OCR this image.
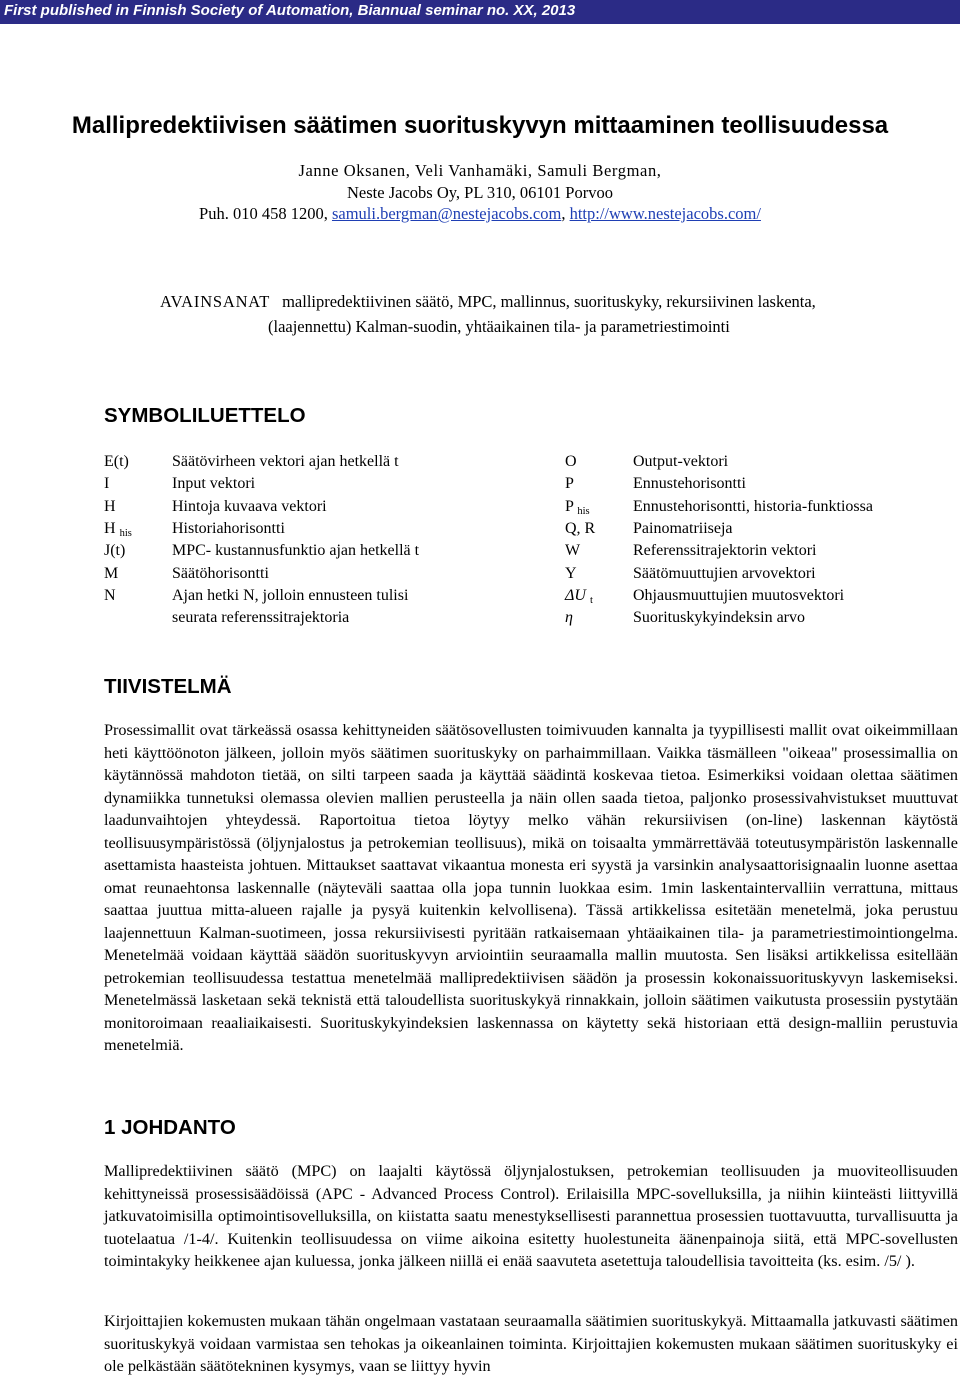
First published in Finnish Society of Automation, Biannual seminar no. XX, 2013
Mallipredektiivisen säätimen suorituskyvyn mittaaminen teollisuudessa
Janne Oksanen, Veli Vanhamäki, Samuli Bergman,
Neste Jacobs Oy, PL 310, 06101 Porvoo
Puh. 010 458 1200, samuli.bergman@nestejacobs.com, http://www.nestejacobs.com/
AVAINSANAT mallipredektiivinen säätö, MPC, mallinnus, suorituskyky, rekursiivinen laskenta,
(laajennettu) Kalman-suodin, yhtäaikainen tila- ja parametriestimointi
SYMBOLILUETTELO
E(t)	Säätövirheen vektori ajan hetkellä t
I	Input vektori
H	Hintoja kuvaava vektori
H $_{his}$	Historiahorisontti
J(t)	MPC- kustannusfunktio ajan hetkellä t
M	Säätöhorisontti
N	Ajan hetki N, jolloin ennusteen tulisi
seurata referenssitrajektoria
O	Output-vektori
P	Ennustehorisontti
P $_{his}$	Ennustehorisontti, historia-funktiossa
Q, R Painomatriiseja
W	Referenssitrajektorin vektori
Y	Säätömuuttujien arvovektori
ΔU $_t$	Ohjausmuuttujien muutosvektori
η	Suorituskykyindeksin arvo
TIIVISTELMÄ

Prosessimallit ovat tärkeässä osassa kehittyneiden säätösovellusten toimivuuden kannalta ja tyypillisesti mallit ovat oikeimmillaan heti käyttöönoton jälkeen, jolloin myös säätimen suorituskyky on parhaimmillaan. Vaikka täsmälleen "oikeaa" prosessimallia on käytännössä mahdoton tietää, on silti tarpeen saada ja käyttää säädintä koskevaa tietoa. Esimerkiksi voidaan olettaa säätimen dynamiikka tunnetuksi olemassa olevien mallien perusteella ja näin ollen saada tietoa, paljonko prosessivahvistukset muuttuvat laadunvaihtojen yhteydessä. Raportoitua tietoa löytyy melko vähän rekursiivisen (on-line) laskennan käytöstä teollisuusympäristössä (öljynjalostus ja petrokemian teollisuus), mikä on toisaalta ymmärrettävää toteutusympäristön laskennalle asettamista haasteista johtuen. Mittaukset saattavat vikaantua monesta eri syystä ja varsinkin analysaattorisignaalin luonne asettaa omat reunaehtonsa laskennalle (näyteväli saattaa olla jopa tunnin luokkaa esim. 1min laskentaintervalliin verrattuna, mittaus saattaa juuttua mitta-alueen rajalle ja pysyä kuitenkin kelvollisena). Tässä artikkelissa esitetään menetelmä, joka perustuu laajennettuun Kalman-suotimeen, jossa rekursiivisesti pyritään ratkaisemaan yhtäaikainen tila- ja parametriestimointiongelma. Menetelmää voidaan käyttää säädön suorituskyvyn arviointiin seuraamalla mallin muutosta. Sen lisäksi artikkelissa esitellään petrokemian teollisuudessa testattua menetelmää mallipredektiivisen säädön ja prosessin kokonaissuorituskyvyn laskemiseksi. Menetelmässä lasketaan sekä teknistä että taloudellista suorituskykyä rinnakkain, jolloin säätimen vaikutusta prosessiin pystytään monitoroimaan reaaliaikaisesti. Suorituskykyindeksien laskennassa on käytetty sekä historiaan että design-malliin perustuvia menetelmiä.

1 JOHDANTO

Mallipredektiivinen säätö (MPC) on laajalti käytössä öljynjalostuksen, petrokemian teollisuuden ja muoviteollisuuden kehittyneissä prosessisäädöissä (APC - Advanced Process Control). Erilaisilla MPC-sovelluksilla, ja niihin kiinteästi liittyvillä jatkuvatoimisilla optimointisovelluksilla, on kiistatta saatu menestyksellisesti parannettua prosessien tuottavuutta, turvallisuutta ja tuotelaatua /1-4/. Kuitenkin teollisuudessa on viime aikoina esitetty huolestuneita äänenpainoja siitä, että MPC-sovellusten toimintakyky heikkenee ajan kuluessa, jonka jälkeen niillä ei enää saavuteta asetettuja taloudellisia tavoitteita (ks. esim. /5/ ).

Kirjoittajien kokemusten mukaan tähän ongelmaan vastataan seuraamalla säätimien suorituskykyä. Mittaamalla jatkuvasti säätimen suorituskykyä voidaan varmistaa sen tehokas ja oikeanlainen toiminta. Kirjoittajien kokemusten mukaan säätimen suorituskyky ei ole pelkästään säätötekninen kysymys, vaan se liittyy hyvin
